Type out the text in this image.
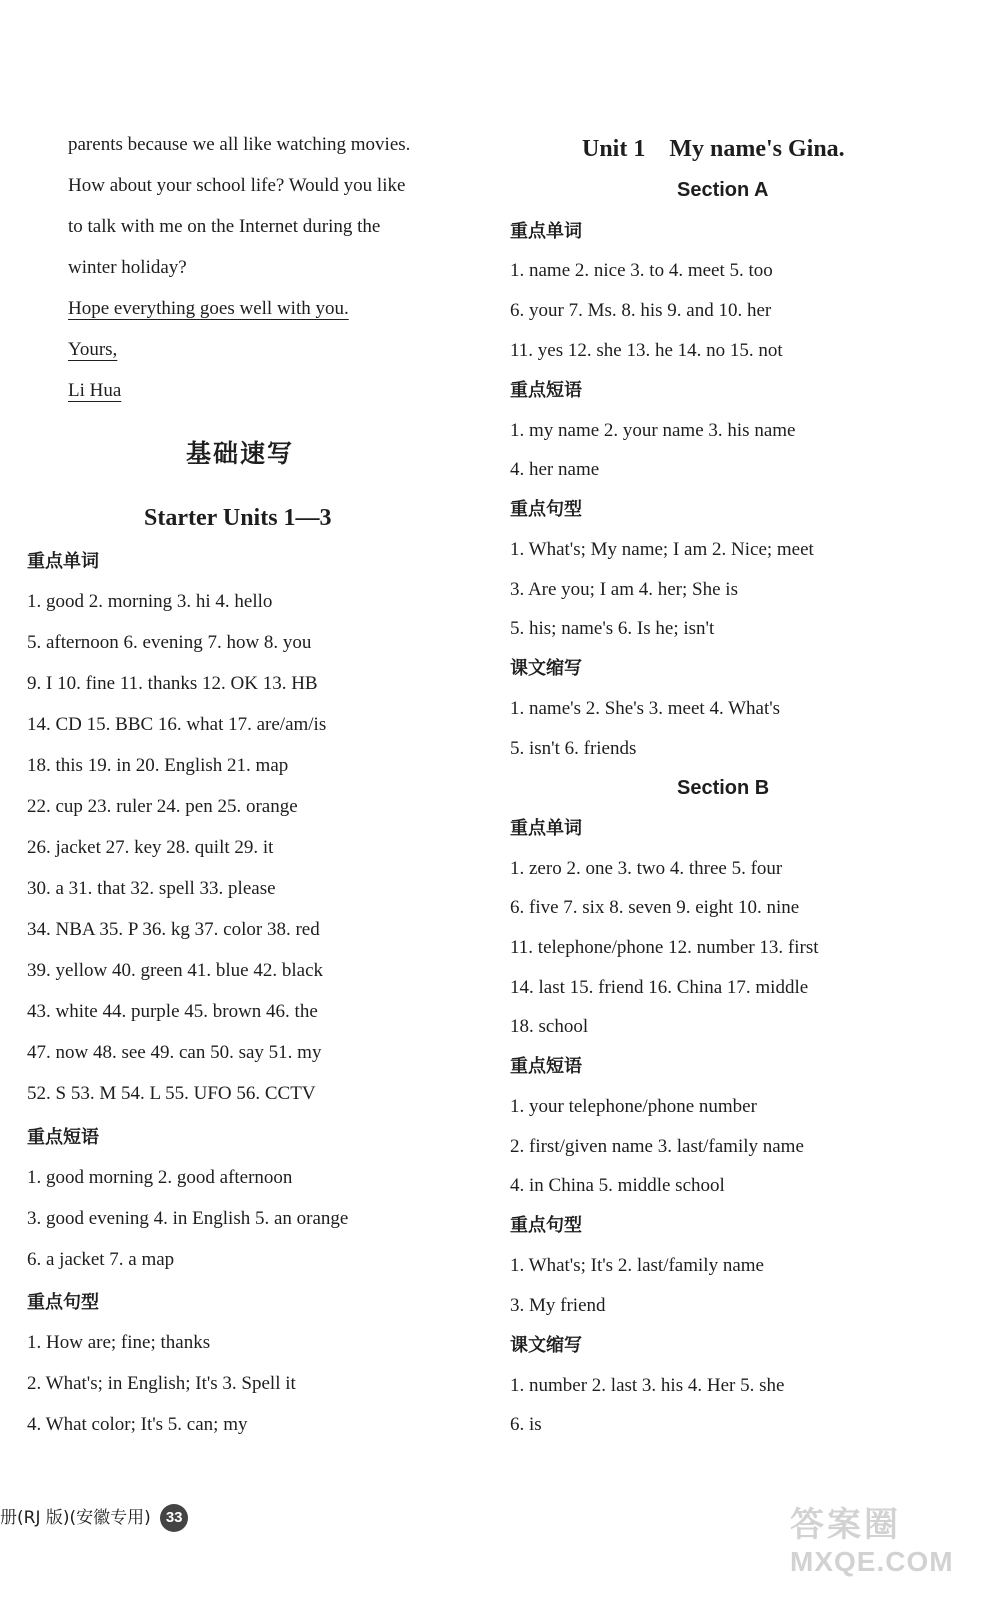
parents because we all like watching movies.
How about your school life? Would you like
to talk with me on the Internet during the
winter holiday?
Hope everything goes well with you.
Yours,
Li Hua
基础速写
Starter Units 1—3
重点单词
1. good 2. morning 3. hi 4. hello
5. afternoon 6. evening 7. how 8. you
9. I 10. fine 11. thanks 12. OK 13. HB
14. CD 15. BBC 16. what 17. are/am/is
18. this 19. in 20. English 21. map
22. cup 23. ruler 24. pen 25. orange
26. jacket 27. key 28. quilt 29. it
30. a 31. that 32. spell 33. please
34. NBA 35. P 36. kg 37. color 38. red
39. yellow 40. green 41. blue 42. black
43. white 44. purple 45. brown 46. the
47. now 48. see 49. can 50. say 51. my
52. S 53. M 54. L 55. UFO 56. CCTV
重点短语
1. good morning 2. good afternoon
3. good evening 4. in English 5. an orange
6. a jacket 7. a map
重点句型
1. How are; fine; thanks
2. What's; in English; It's 3. Spell it
4. What color; It's 5. can; my
Unit 1    My name's Gina.
Section A
重点单词
1. name 2. nice 3. to 4. meet 5. too
6. your 7. Ms. 8. his 9. and 10. her
11. yes 12. she 13. he 14. no 15. not
重点短语
1. my name 2. your name 3. his name
4. her name
重点句型
1. What's; My name; I am 2. Nice; meet
3. Are you; I am 4. her; She is
5. his; name's 6. Is he; isn't
课文缩写
1. name's 2. She's 3. meet 4. What's
5. isn't 6. friends
Section B
重点单词
1. zero 2. one 3. two 4. three 5. four
6. five 7. six 8. seven 9. eight 10. nine
11. telephone/phone 12. number 13. first
14. last 15. friend 16. China 17. middle
18. school
重点短语
1. your telephone/phone number
2. first/given name 3. last/family name
4. in China 5. middle school
重点句型
1. What's; It's 2. last/family name
3. My friend
课文缩写
1. number 2. last 3. his 4. Her 5. she
6. is
册(RJ 版)(安徽专用) 33	答案圈
MXQE.COM
